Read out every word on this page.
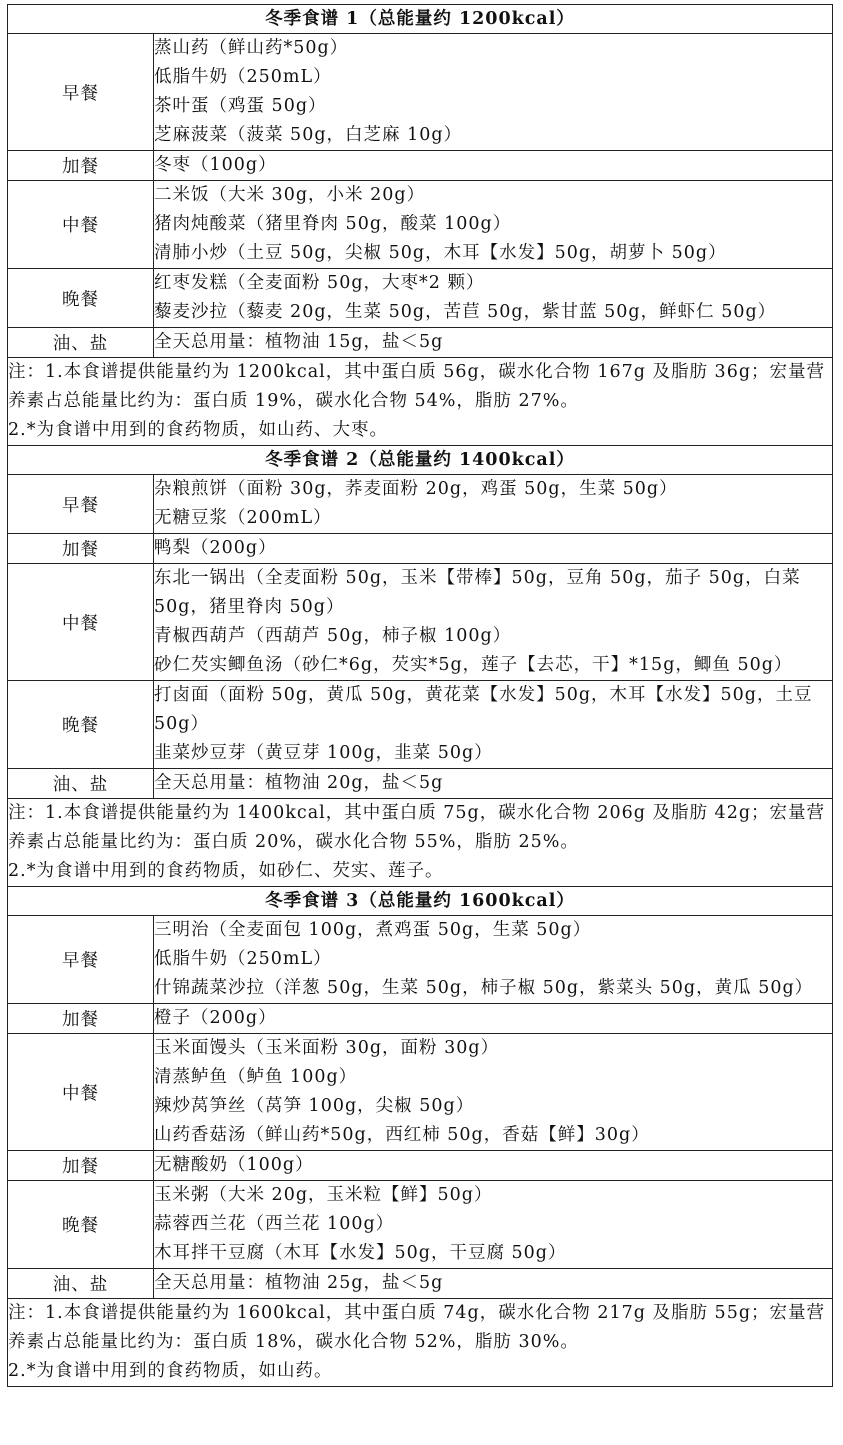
冬季食谱 1（总能量约 1200kcal）	
早餐	蒸山药（鲜山药*50g）
低脂牛奶（250mL）
茶叶蛋（鸡蛋 50g）
芝麻菠菜（菠菜 50g，白芝麻 10g）

加餐	冬枣（100g）

中餐	二米饭（大米 30g，小米 20g）
猪肉炖酸菜（猪里脊肉 50g，酸菜 100g）
清肺小炒（土豆 50g，尖椒 50g，木耳【水发】50g，胡萝卜 50g）

晚餐	红枣发糕（全麦面粉 50g，大枣*2 颗）
藜麦沙拉（藜麦 20g，生菜 50g，苦苣 50g，紫甘蓝 50g，鲜虾仁 50g）

油、盐	全天总用量：植物油 15g，盐＜5g

注：1.本食谱提供能量约为 1200kcal，其中蛋白质 56g，碳水化合物 167g 及脂肪 36g；宏量营养素占总能量比约为：蛋白质 19%，碳水化合物 54%，脂肪 27%。
2.*为食谱中用到的食药物质，如山药、大枣。	
冬季食谱 2（总能量约 1400kcal）	
早餐	杂粮煎饼（面粉 30g，荞麦面粉 20g，鸡蛋 50g，生菜 50g）
无糖豆浆（200mL）

加餐	鸭梨（200g）

中餐	东北一锅出（全麦面粉 50g，玉米【带棒】50g，豆角 50g，茄子 50g，白菜 50g，猪里脊肉 50g）
青椒西葫芦（西葫芦 50g，柿子椒 100g）
砂仁芡实鲫鱼汤（砂仁*6g，芡实*5g，莲子【去芯，干】*15g，鲫鱼 50g）

晚餐	打卤面（面粉 50g，黄瓜 50g，黄花菜【水发】50g，木耳【水发】50g，土豆 50g）
韭菜炒豆芽（黄豆芽 100g，韭菜 50g）

油、盐	全天总用量：植物油 20g，盐＜5g

注：1.本食谱提供能量约为 1400kcal，其中蛋白质 75g，碳水化合物 206g 及脂肪 42g；宏量营养素占总能量比约为：蛋白质 20%，碳水化合物 55%，脂肪 25%。
2.*为食谱中用到的食药物质，如砂仁、芡实、莲子。	
冬季食谱 3（总能量约 1600kcal）	
早餐	三明治（全麦面包 100g，煮鸡蛋 50g，生菜 50g）
低脂牛奶（250mL）
什锦蔬菜沙拉（洋葱 50g，生菜 50g，柿子椒 50g，紫菜头 50g，黄瓜 50g）

加餐	橙子（200g）

中餐	玉米面馒头（玉米面粉 30g，面粉 30g）
清蒸鲈鱼（鲈鱼 100g）
辣炒莴笋丝（莴笋 100g，尖椒 50g）
山药香菇汤（鲜山药*50g，西红柿 50g，香菇【鲜】30g）

加餐	无糖酸奶（100g）

晚餐	玉米粥（大米 20g，玉米粒【鲜】50g）
蒜蓉西兰花（西兰花 100g）
木耳拌干豆腐（木耳【水发】50g，干豆腐 50g）

油、盐	全天总用量：植物油 25g，盐＜5g

注：1.本食谱提供能量约为 1600kcal，其中蛋白质 74g，碳水化合物 217g 及脂肪 55g；宏量营养素占总能量比约为：蛋白质 18%，碳水化合物 52%，脂肪 30%。
2.*为食谱中用到的食药物质，如山药。	
